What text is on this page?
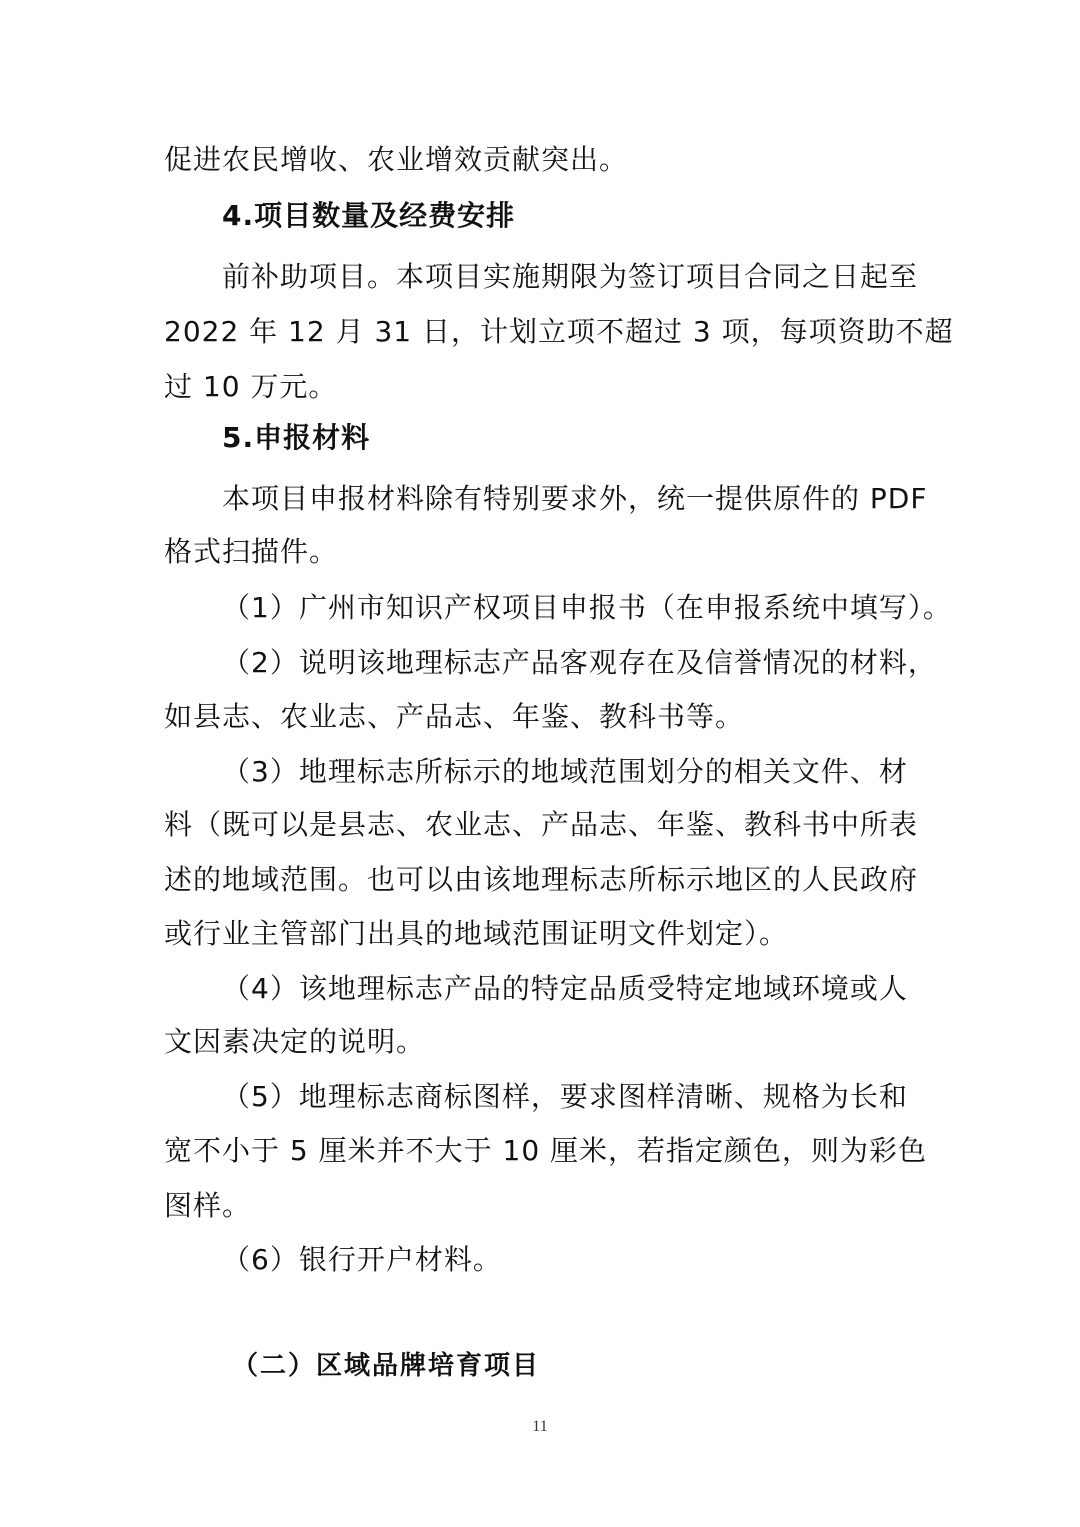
促进农民增收、农业增效贡献突出。
4.项目数量及经费安排
前补助项目。本项目实施期限为签订项目合同之日起至
2022 年 12 月 31 日，计划立项不超过 3 项，每项资助不超
过 10 万元。
5.申报材料
本项目申报材料除有特别要求外，统一提供原件的 PDF
格式扫描件。
（1）广州市知识产权项目申报书（在申报系统中填写）。
（2）说明该地理标志产品客观存在及信誉情况的材料，
如县志、农业志、产品志、年鉴、教科书等。
（3）地理标志所标示的地域范围划分的相关文件、材
料（既可以是县志、农业志、产品志、年鉴、教科书中所表
述的地域范围。也可以由该地理标志所标示地区的人民政府
或行业主管部门出具的地域范围证明文件划定）。
（4）该地理标志产品的特定品质受特定地域环境或人
文因素决定的说明。
（5）地理标志商标图样，要求图样清晰、规格为长和
宽不小于 5 厘米并不大于 10 厘米，若指定颜色，则为彩色
图样。
（6）银行开户材料。
（二）区域品牌培育项目
11
